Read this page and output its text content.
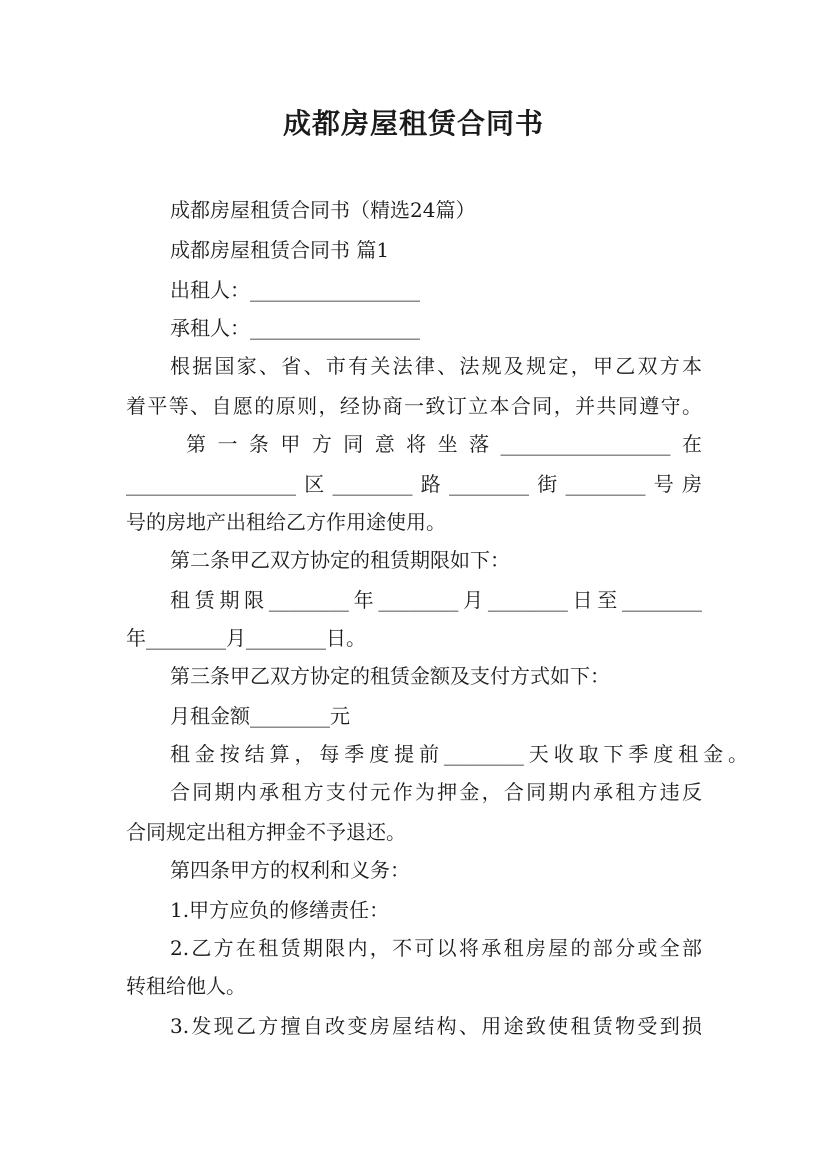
成都房屋租赁合同书
成都房屋租赁合同书（精选24篇）
成都房屋租赁合同书 篇1
出租人：_________________
承租人：_________________
根据国家、省、市有关法律、法规及规定，甲乙双方本
着平等、自愿的原则，经协商一致订立本合同，并共同遵守。
第一条甲方同意将坐落_________________在
_________________区________路________街________号房
号的房地产出租给乙方作用途使用。
第二条甲乙双方协定的租赁期限如下：
租赁期限________年________月________日至________
年________月________日。
第三条甲乙双方协定的租赁金额及支付方式如下：
月租金额________元
租金按结算，每季度提前________天收取下季度租金。
合同期内承租方支付元作为押金，合同期内承租方违反
合同规定出租方押金不予退还。
第四条甲方的权利和义务：
1.甲方应负的修缮责任：
2.乙方在租赁期限内，不可以将承租房屋的部分或全部
转租给他人。
3.发现乙方擅自改变房屋结构、用途致使租赁物受到损
